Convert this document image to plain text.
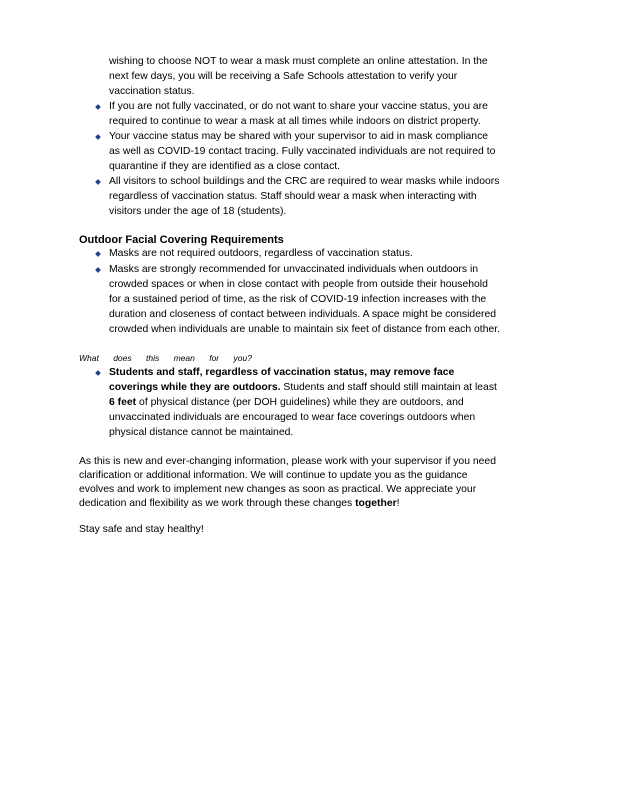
wishing to choose NOT to wear a mask must complete an online attestation. In the
next few days, you will be receiving a Safe Schools attestation to verify your
vaccination status.
If you are not fully vaccinated, or do not want to share your vaccine status, you are
required to continue to wear a mask at all times while indoors on district property.
Your vaccine status may be shared with your supervisor to aid in mask compliance
as well as COVID-19 contact tracing. Fully vaccinated individuals are not required to
quarantine if they are identified as a close contact.
All visitors to school buildings and the CRC are required to wear masks while indoors
regardless of vaccination status. Staff should wear a mask when interacting with
visitors under the age of 18 (students).
Outdoor Facial Covering Requirements
Masks are not required outdoors, regardless of vaccination status.
Masks are strongly recommended for unvaccinated individuals when outdoors in
crowded spaces or when in close contact with people from outside their household
for a sustained period of time, as the risk of COVID-19 infection increases with the
duration and closeness of contact between individuals. A space might be considered
crowded when individuals are unable to maintain six feet of distance from each other.
What does this mean for you?
Students and staff, regardless of vaccination status, may remove face
coverings while they are outdoors. Students and staff should still maintain at least
6 feet of physical distance (per DOH guidelines) while they are outdoors, and
unvaccinated individuals are encouraged to wear face coverings outdoors when
physical distance cannot be maintained.
As this is new and ever-changing information, please work with your supervisor if you need
clarification or additional information. We will continue to update you as the guidance
evolves and work to implement new changes as soon as practical. We appreciate your
dedication and flexibility as we work through these changes together!
Stay safe and stay healthy!
